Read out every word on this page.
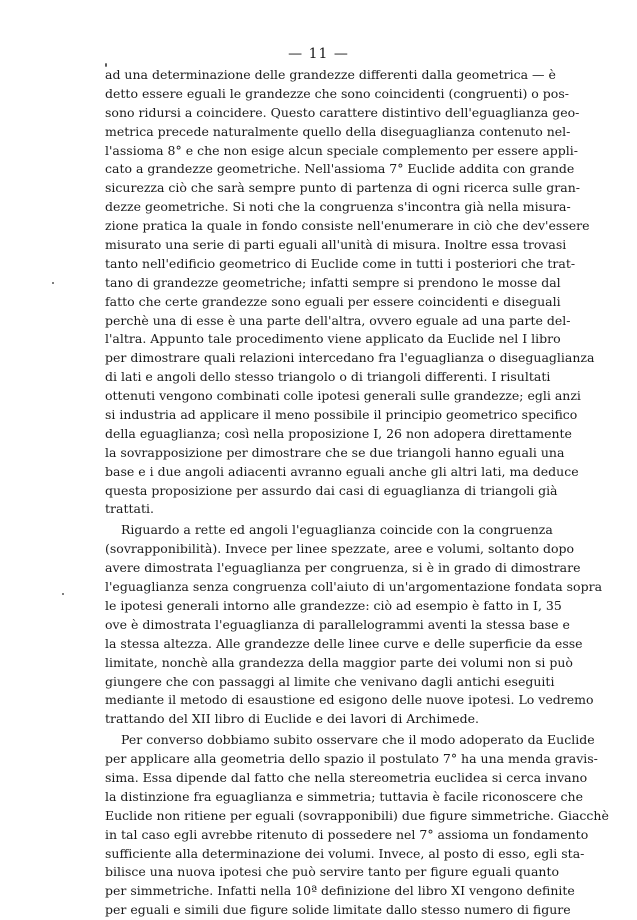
— 11 —
ad una determinazione delle grandezze differenti dalla geometrica — è
detto essere eguali le grandezze che sono coincidenti (congruenti) o pos-
sono ridursi a coincidere. Questo carattere distintivo dell'eguaglianza geo-
metrica precede naturalmente quello della diseguaglianza contenuto nel-
l'assioma 8° e che non esige alcun speciale complemento per essere appli-
cato a grandezze geometriche. Nell'assioma 7° Euclide addita con grande
sicurezza ciò che sarà sempre punto di partenza di ogni ricerca sulle gran-
dezze geometriche. Si noti che la congruenza s'incontra già nella misura-
zione pratica la quale in fondo consiste nell'enumerare in ciò che dev'essere
misurato una serie di parti eguali all'unità di misura. Inoltre essa trovasi
tanto nell'edificio geometrico di Euclide come in tutti i posteriori che trat-
tano di grandezze geometriche; infatti sempre si prendono le mosse dal
fatto che certe grandezze sono eguali per essere coincidenti e diseguali
perchè una di esse è una parte dell'altra, ovvero eguale ad una parte del-
l'altra. Appunto tale procedimento viene applicato da Euclide nel I libro
per dimostrare quali relazioni intercedano fra l'eguaglianza o diseguaglianza
di lati e angoli dello stesso triangolo o di triangoli differenti. I risultati
ottenuti vengono combinati colle ipotesi generali sulle grandezze; egli anzi
si industria ad applicare il meno possibile il principio geometrico specifico
della eguaglianza; così nella proposizione I, 26 non adopera direttamente
la sovrapposizione per dimostrare che se due triangoli hanno eguali una
base e i due angoli adiacenti avranno eguali anche gli altri lati, ma deduce
questa proposizione per assurdo dai casi di eguaglianza di triangoli già
trattati.
Riguardo a rette ed angoli l'eguaglianza coincide con la congruenza
(sovrapponibilità). Invece per linee spezzate, aree e volumi, soltanto dopo
avere dimostrata l'eguaglianza per congruenza, si è in grado di dimostrare
l'eguaglianza senza congruenza coll'aiuto di un'argomentazione fondata sopra
le ipotesi generali intorno alle grandezze: ciò ad esempio è fatto in I, 35
ove è dimostrata l'eguaglianza di parallelogrammi aventi la stessa base e
la stessa altezza. Alle grandezze delle linee curve e delle superficie da esse
limitate, nonchè alla grandezza della maggior parte dei volumi non si può
giungere che con passaggi al limite che venivano dagli antichi eseguiti
mediante il metodo di esaustione ed esigono delle nuove ipotesi. Lo vedremo
trattando del XII libro di Euclide e dei lavori di Archimede.
Per converso dobbiamo subito osservare che il modo adoperato da Euclide
per applicare alla geometria dello spazio il postulato 7° ha una menda gravis-
sima. Essa dipende dal fatto che nella stereometria euclidea si cerca invano
la distinzione fra eguaglianza e simmetria; tuttavia è facile riconoscere che
Euclide non ritiene per eguali (sovrapponibili) due figure simmetriche. Giacchè
in tal caso egli avrebbe ritenuto di possedere nel 7° assioma un fondamento
sufficiente alla determinazione dei volumi. Invece, al posto di esso, egli sta-
bilisce una nuova ipotesi che può servire tanto per figure eguali quanto
per simmetriche. Infatti nella 10ª definizione del libro XI vengono definite
per eguali e simili due figure solide limitate dallo stesso numero di figure
